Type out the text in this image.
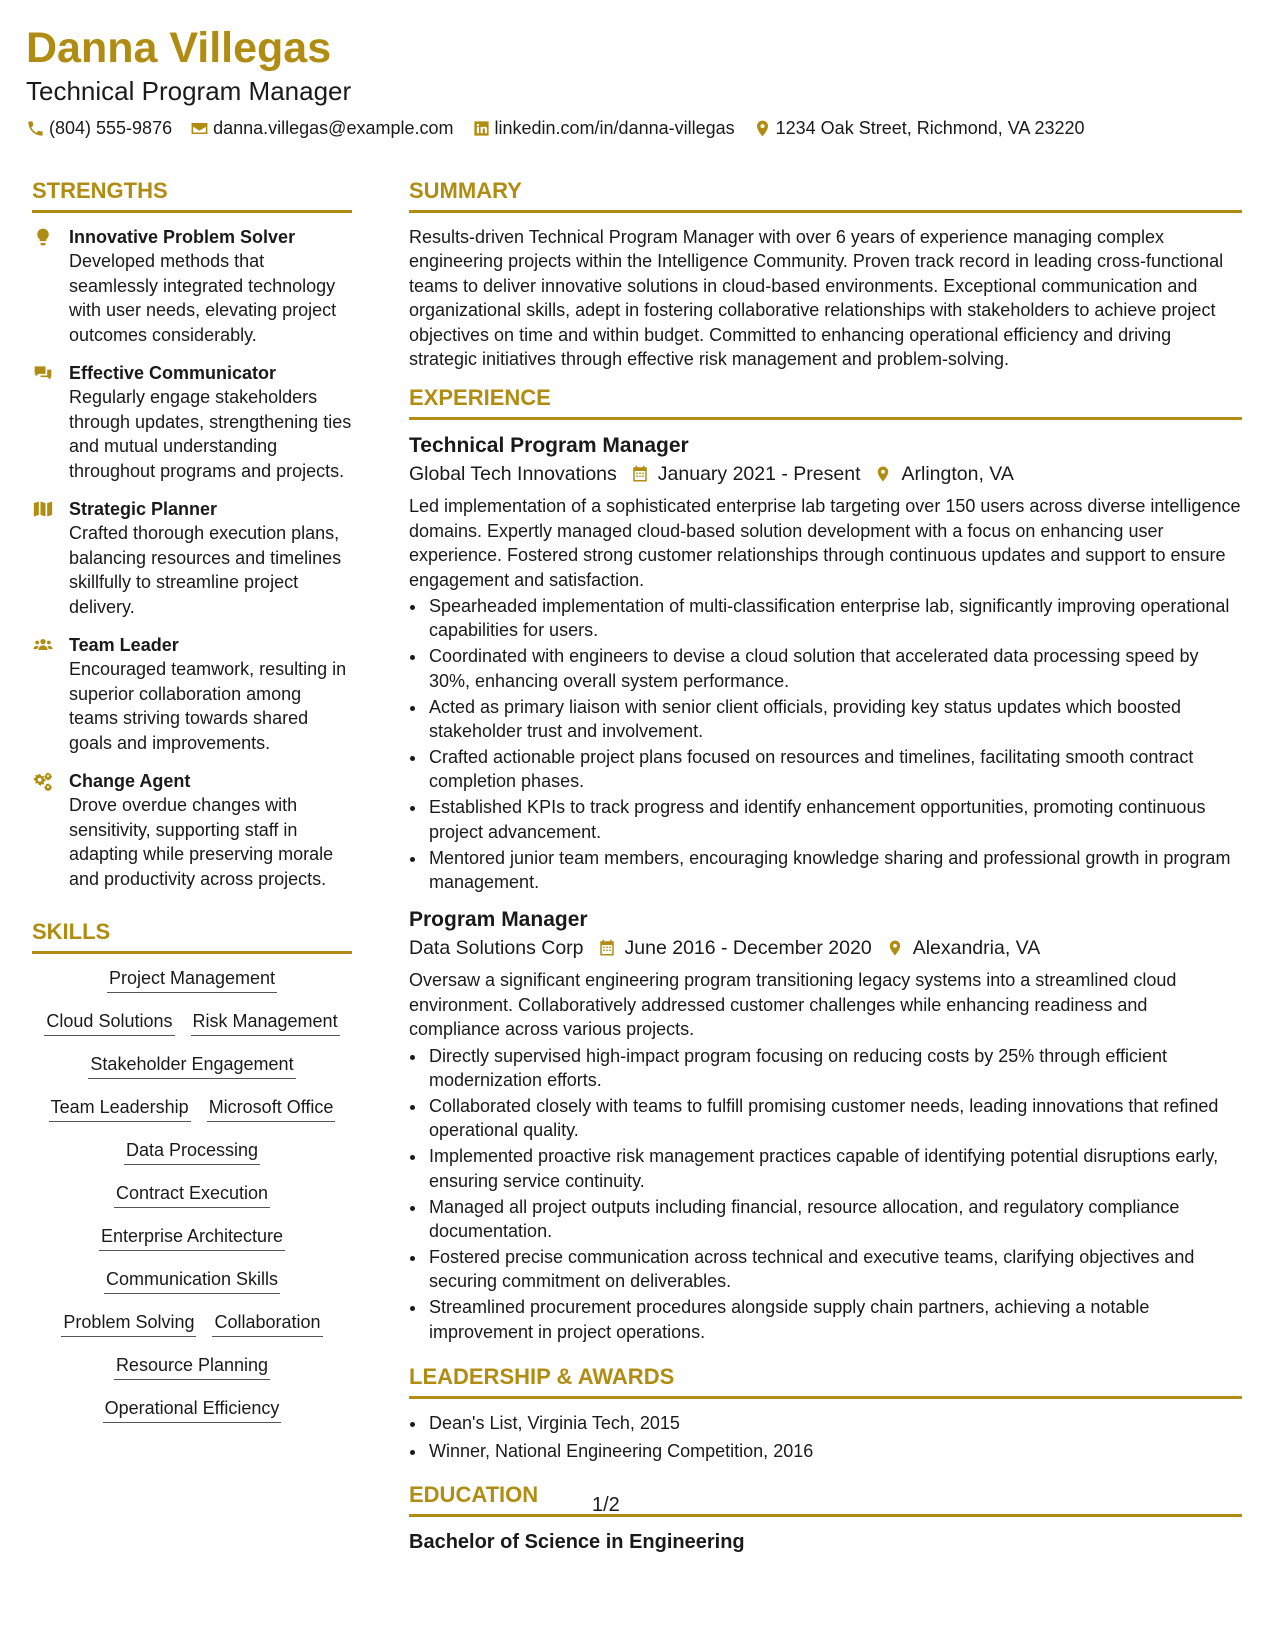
Danna Villegas
Technical Program Manager
(804) 555-9876 danna.villegas@example.com linkedin.com/in/danna-villegas 1234 Oak Street, Richmond, VA 23220
STRENGTHS
Innovative Problem Solver
Developed methods that seamlessly integrated technology with user needs, elevating project outcomes considerably.
Effective Communicator
Regularly engage stakeholders through updates, strengthening ties and mutual understanding throughout programs and projects.
Strategic Planner
Crafted thorough execution plans, balancing resources and timelines skillfully to streamline project delivery.
Team Leader
Encouraged teamwork, resulting in superior collaboration among teams striving towards shared goals and improvements.
Change Agent
Drove overdue changes with sensitivity, supporting staff in adapting while preserving morale and productivity across projects.
SKILLS
Project Management
Cloud Solutions Risk Management
Stakeholder Engagement
Team Leadership Microsoft Office
Data Processing
Contract Execution
Enterprise Architecture
Communication Skills
Problem Solving Collaboration
Resource Planning
Operational Efficiency
SUMMARY

Results-driven Technical Program Manager with over 6 years of experience managing complex engineering projects within the Intelligence Community. Proven track record in leading cross-functional teams to deliver innovative solutions in cloud-based environments. Exceptional communication and organizational skills, adept in fostering collaborative relationships with stakeholders to achieve project objectives on time and within budget. Committed to enhancing operational efficiency and driving strategic initiatives through effective risk management and problem-solving.

EXPERIENCE
Technical Program Manager
Global Tech Innovations January 2021 - Present Arlington, VA
Led implementation of a sophisticated enterprise lab targeting over 150 users across diverse intelligence domains. Expertly managed cloud-based solution development with a focus on enhancing user experience. Fostered strong customer relationships through continuous updates and support to ensure engagement and satisfaction.
• Spearheaded implementation of multi-classification enterprise lab, significantly improving operational capabilities for users.
• Coordinated with engineers to devise a cloud solution that accelerated data processing speed by 30%, enhancing overall system performance.
• Acted as primary liaison with senior client officials, providing key status updates which boosted stakeholder trust and involvement.
• Crafted actionable project plans focused on resources and timelines, facilitating smooth contract completion phases.
• Established KPIs to track progress and identify enhancement opportunities, promoting continuous project advancement.
• Mentored junior team members, encouraging knowledge sharing and professional growth in program management.
Program Manager
Data Solutions Corp June 2016 - December 2020 Alexandria, VA
Oversaw a significant engineering program transitioning legacy systems into a streamlined cloud environment. Collaboratively addressed customer challenges while enhancing readiness and compliance across various projects.
• Directly supervised high-impact program focusing on reducing costs by 25% through efficient modernization efforts.
• Collaborated closely with teams to fulfill promising customer needs, leading innovations that refined operational quality.
• Implemented proactive risk management practices capable of identifying potential disruptions early, ensuring service continuity.
• Managed all project outputs including financial, resource allocation, and regulatory compliance documentation.
• Fostered precise communication across technical and executive teams, clarifying objectives and securing commitment on deliverables.
• Streamlined procurement procedures alongside supply chain partners, achieving a notable improvement in project operations.
LEADERSHIP & AWARDS
• Dean's List, Virginia Tech, 2015
• Winner, National Engineering Competition, 2016
EDUCATION
Bachelor of Science in Engineering
1/2
